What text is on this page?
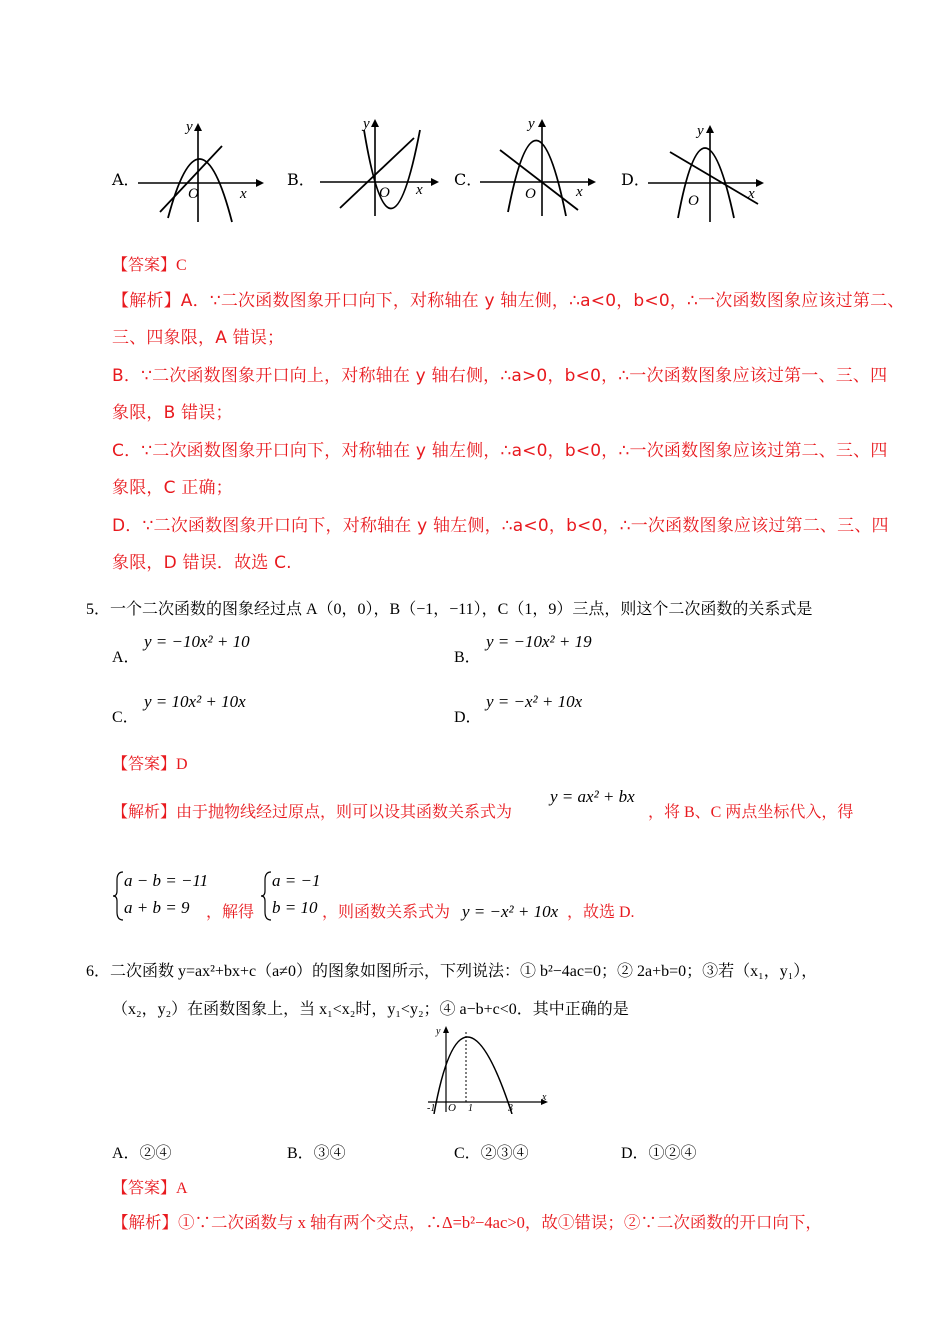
A．
y
x
O
B．
y
x
O
C．
y
x
O
D．
y
x
O
【答案】C
【解析】A．∵二次函数图象开口向下，对称轴在 y 轴左侧，∴a<0，b<0，∴一次函数图象应该过第二、
三、四象限，A 错误；
B．∵二次函数图象开口向上，对称轴在 y 轴右侧，∴a>0，b<0，∴一次函数图象应该过第一、三、四
象限，B 错误；
C．∵二次函数图象开口向下，对称轴在 y 轴左侧，∴a<0，b<0，∴一次函数图象应该过第二、三、四
象限，C 正确；
D．∵二次函数图象开口向下，对称轴在 y 轴左侧，∴a<0，b<0，∴一次函数图象应该过第二、三、四
象限，D 错误．故选 C.
5．一个二次函数的图象经过点 A（0，0），B（−1，−11），C（1，9）三点，则这个二次函数的关系式是
A．
y = −10x² + 10
B．
y = −10x² + 19
C．
y = 10x² + 10x
D．
y = −x² + 10x
【答案】D
【解析】由于抛物线经过原点，则可以设其函数关系式为
y = ax² + bx
，将 B、C 两点坐标代入，得
a − b = −11
a + b = 9 ，解得
a = −1
b = 10 ，则函数关系式为 y = −x² + 10x ，故选 D.
6．二次函数 y=ax²+bx+c（a≠0）的图象如图所示，下列说法：① b²−4ac=0；② 2a+b=0；③若（x₁，y₁），
（x₂，y₂）在函数图象上，当 x₁<x₂时，y₁<y₂；④ a−b+c<0．其中正确的是
y
x
O
-1	1	3
A．②④	B．③④	C．②③④	D．①②④
【答案】A
【解析】①∵二次函数与 x 轴有两个交点，∴Δ=b²−4ac>0，故①错误；②∵二次函数的开口向下，
